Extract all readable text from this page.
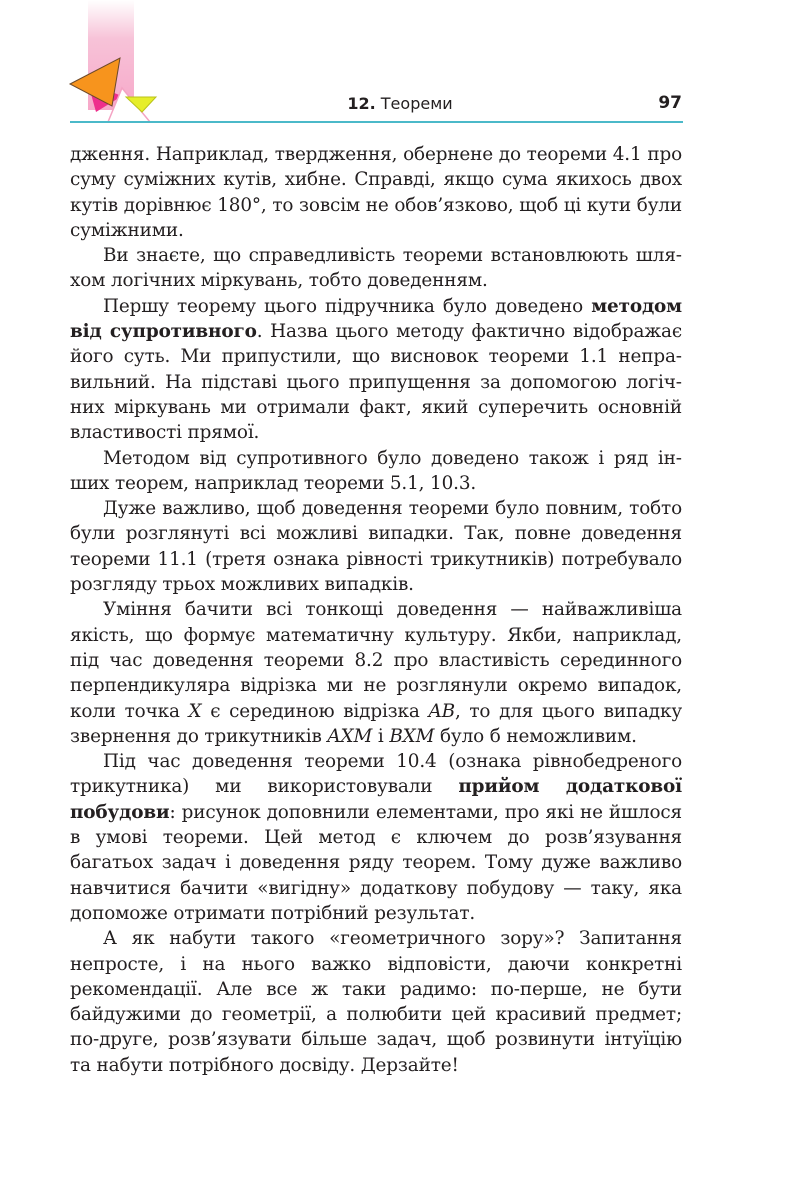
12. Теореми	97

дження. Наприклад, твердження, обернене до теореми 4.1 про суму суміжних кутів, хибне. Справді, якщо сума якихось двох кутів дорівнює 180°, то зовсім не обов’язково, щоб ці кути були суміжними.

Ви знаєте, що справедливість теореми встановлюють шляхом логічних міркувань, тобто доведенням.

Першу теорему цього підручника було доведено методом від супротивного. Назва цього методу фактично відображає його суть. Ми припустили, що висновок теореми 1.1 неправильний. На підставі цього припущення за допомогою логічних міркувань ми отримали факт, який суперечить основній властивості прямої.

Методом від супротивного було доведено також і ряд інших теорем, наприклад теореми 5.1, 10.3.

Дуже важливо, щоб доведення теореми було повним, тобто були розглянуті всі можливі випадки. Так, повне доведення теореми 11.1 (третя ознака рівності трикутників) потребувало розгляду трьох можливих випадків.

Уміння бачити всі тонкощі доведення — найважливіша якість, що формує математичну культуру. Якби, наприклад, під час доведення теореми 8.2 про властивість серединного перпендикуляра відрізка ми не розглянули окремо випадок, коли точка X є серединою відрізка AB, то для цього випадку звернення до трикутників AXM і BXM було б неможливим.

Під час доведення теореми 10.4 (ознака рівнобедреного трикутника) ми використовували прийом додаткової побудови: рисунок доповнили елементами, про які не йшлося в умові теореми. Цей метод є ключем до розв’язування багатьох задач і доведення ряду теорем. Тому дуже важливо навчитися бачити «вигідну» додаткову побудову — таку, яка допоможе отримати потрібний результат.

А як набути такого «геометричного зору»? Запитання непросте, і на нього важко відповісти, даючи конкретні рекомендації. Але все ж таки радимо: по-перше, не бути байдужими до геометрії, а полюбити цей красивий предмет; по-друге, розв’язувати більше задач, щоб розвинути інтуїцію та набути потрібного досвіду. Дерзайте!
